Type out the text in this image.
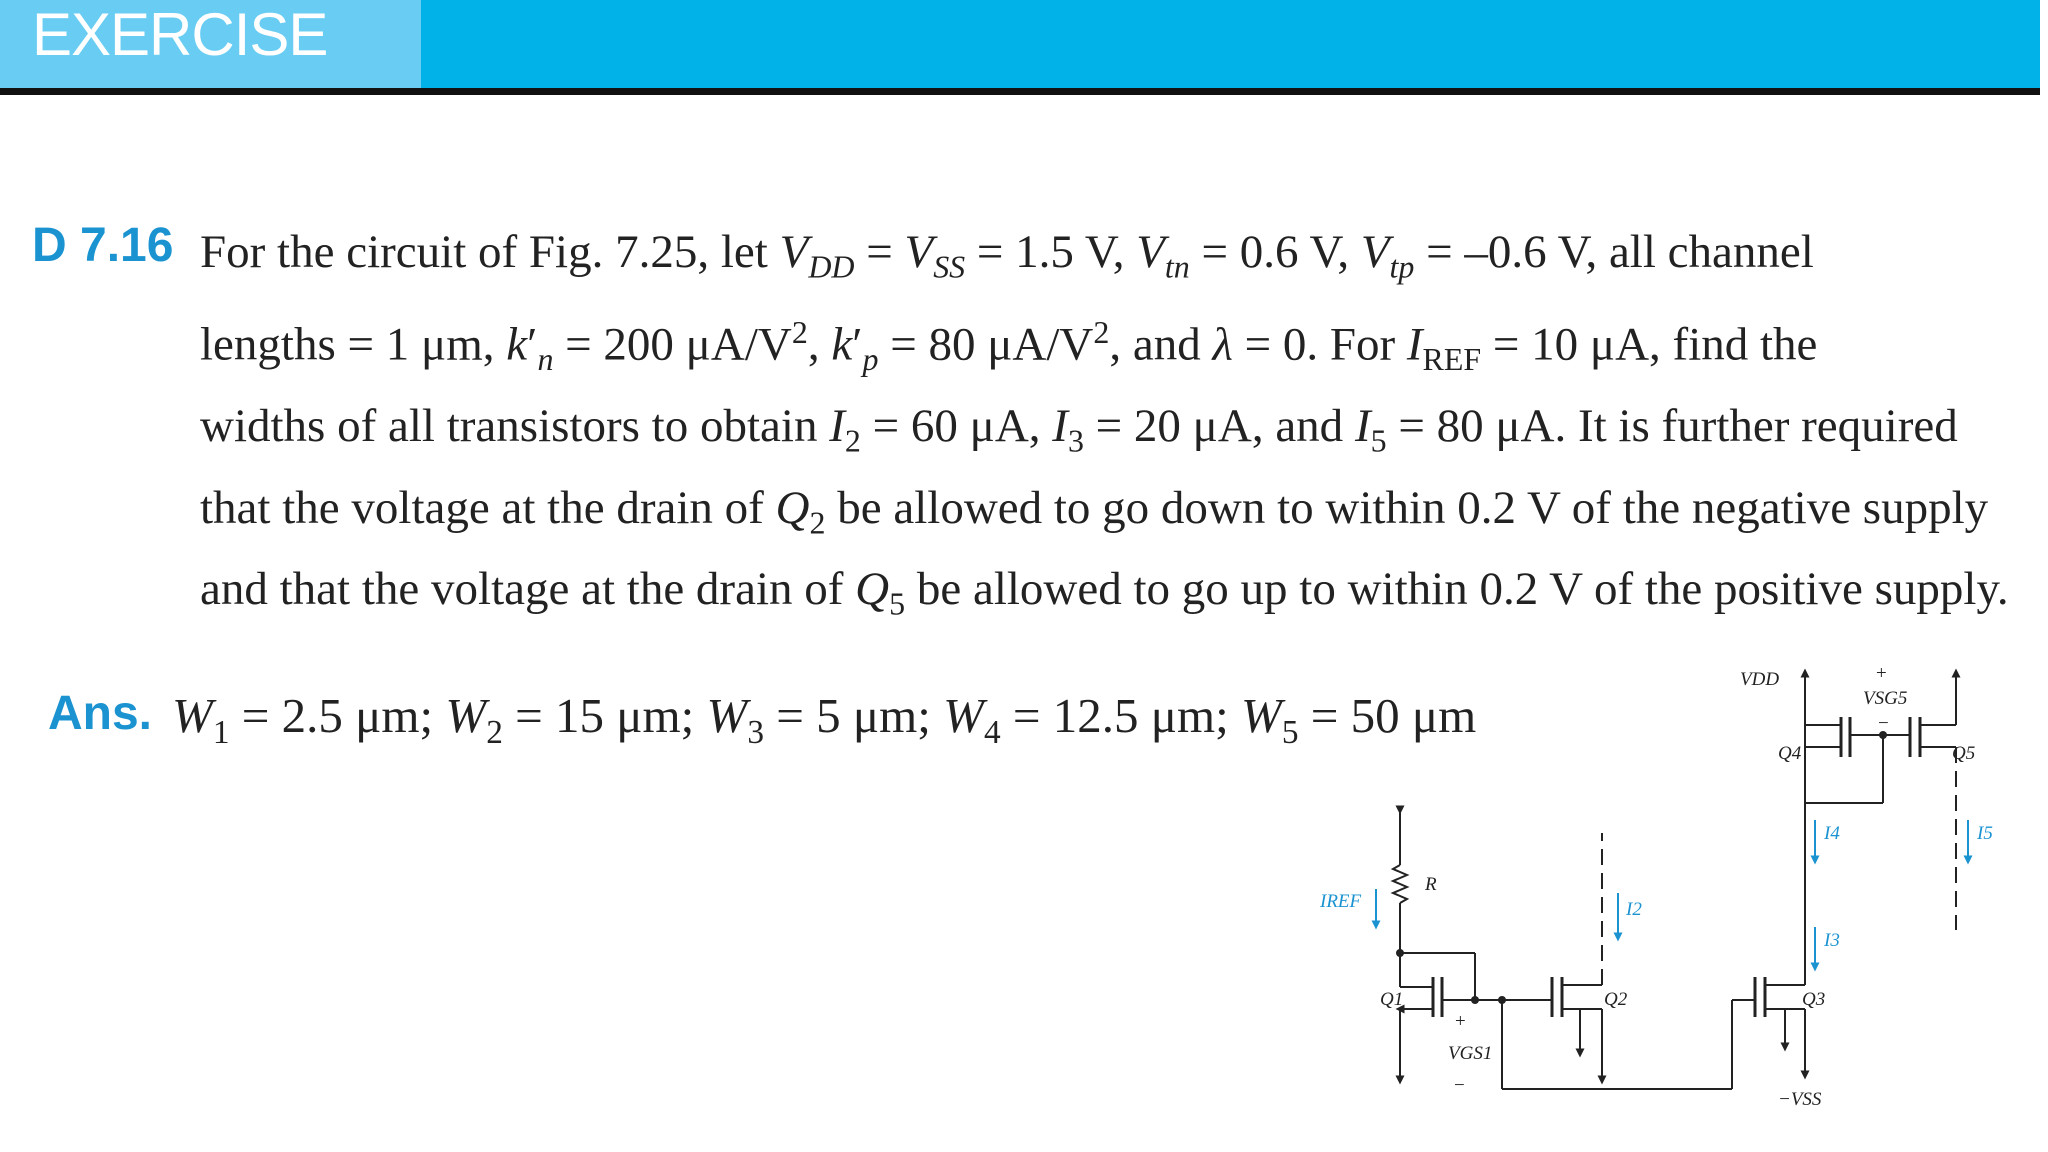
EXERCISE
D 7.16 For the circuit of Fig. 7.25, let $V_{DD} = V_{SS} = 1.5$ V, $V_{tn} = 0.6$ V, $V_{tp} = -0.6$ V, all channel
lengths = 1 μm, $k'_n = 200$ $\mu A/V^2$, $k'_p = 80$ $\mu A/V^2$, and λ = 0. For $I_{REF} = 10$ μA, find the
widths of all transistors to obtain $I_2 = 60$ μA, $I_3 = 20$ μA, and $I_5 = 80$ μA. It is further required
that the voltage at the drain of $Q_2$ be allowed to go down to within 0.2 V of the negative supply
and that the voltage at the drain of $Q_5$ be allowed to go up to within 0.2 V of the positive supply.
Ans. $W_1 = 2.5$ μm; $W_2 = 15$ μm; $W_3 = 5$ μm; $W_4 = 12.5$ μm; $W_5 = 50$ μm
VDD	+
VSG5
−
Q4	Q5
R
IREF	I2
I4	I5
I3
Q1	Q2	Q3
+
VGS1
−
−VSS
